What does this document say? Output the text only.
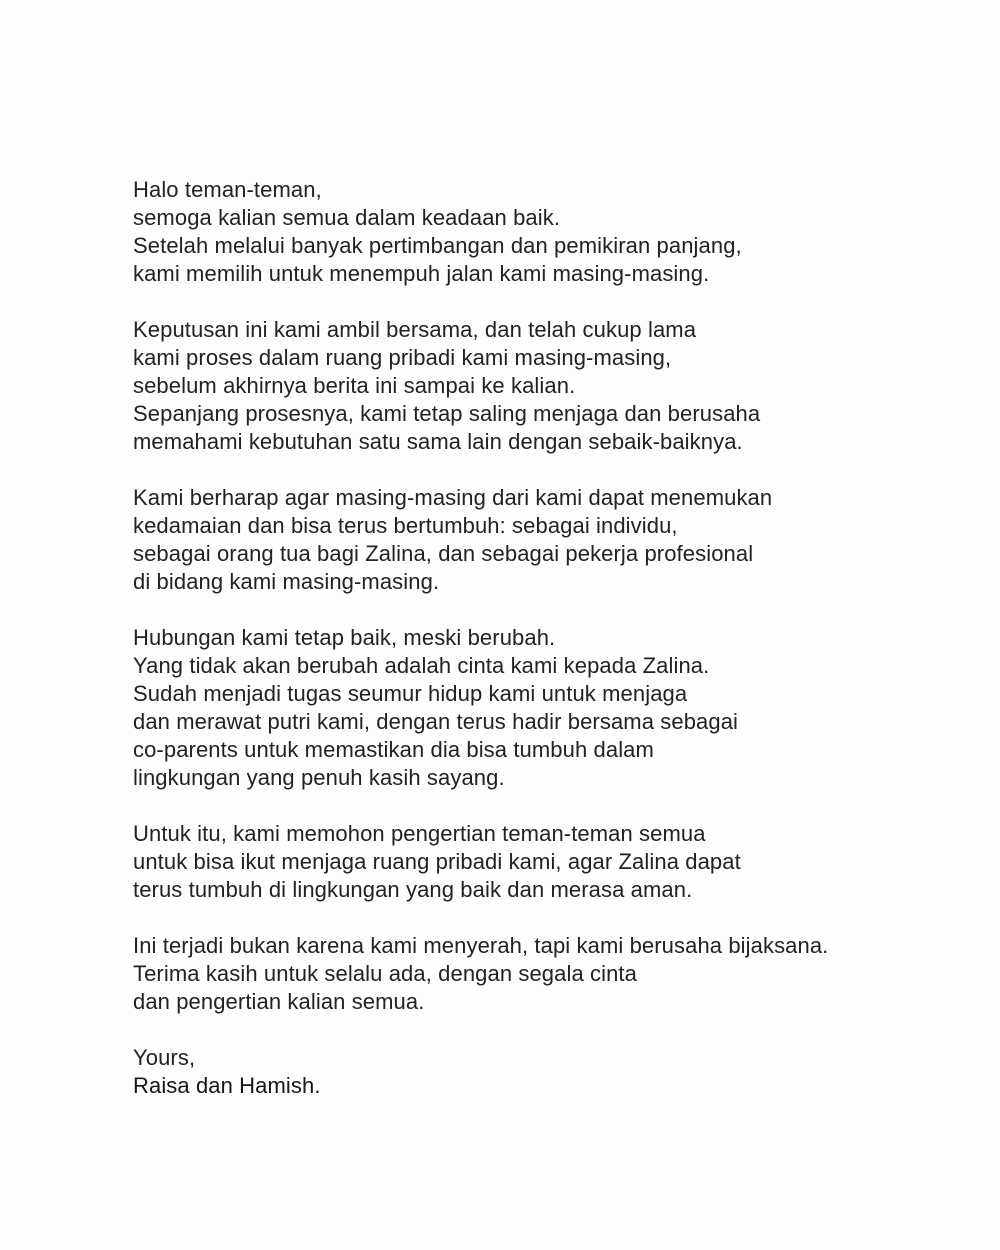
Halo teman-teman,
semoga kalian semua dalam keadaan baik.
Setelah melalui banyak pertimbangan dan pemikiran panjang,
kami memilih untuk menempuh jalan kami masing-masing.
Keputusan ini kami ambil bersama, dan telah cukup lama
kami proses dalam ruang pribadi kami masing-masing,
sebelum akhirnya berita ini sampai ke kalian.
Sepanjang prosesnya, kami tetap saling menjaga dan berusaha
memahami kebutuhan satu sama lain dengan sebaik-baiknya.
Kami berharap agar masing-masing dari kami dapat menemukan
kedamaian dan bisa terus bertumbuh: sebagai individu,
sebagai orang tua bagi Zalina, dan sebagai pekerja profesional
di bidang kami masing-masing.
Hubungan kami tetap baik, meski berubah.
Yang tidak akan berubah adalah cinta kami kepada Zalina.
Sudah menjadi tugas seumur hidup kami untuk menjaga
dan merawat putri kami, dengan terus hadir bersama sebagai
co-parents untuk memastikan dia bisa tumbuh dalam
lingkungan yang penuh kasih sayang.
Untuk itu, kami memohon pengertian teman-teman semua
untuk bisa ikut menjaga ruang pribadi kami, agar Zalina dapat
terus tumbuh di lingkungan yang baik dan merasa aman.
Ini terjadi bukan karena kami menyerah, tapi kami berusaha bijaksana.
Terima kasih untuk selalu ada, dengan segala cinta
dan pengertian kalian semua.
Yours,
Raisa dan Hamish.
